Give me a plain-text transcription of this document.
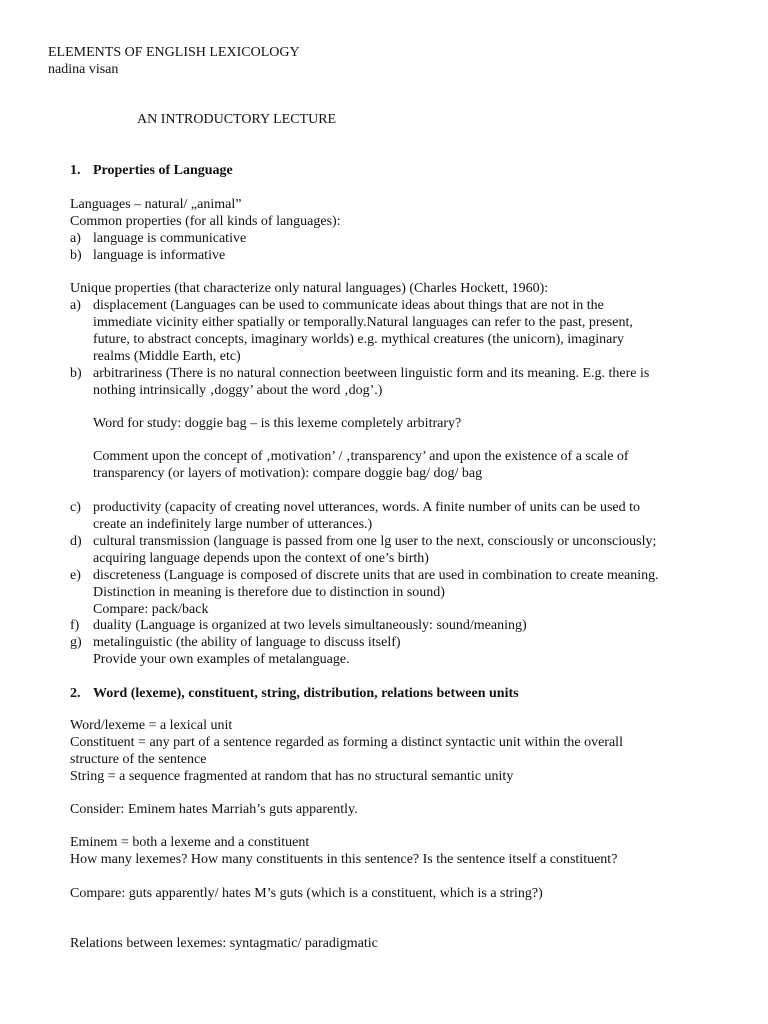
ELEMENTS OF ENGLISH LEXICOLOGY
nadina visan
AN INTRODUCTORY LECTURE
1. Properties of Language
Languages – natural/ „animal”
Common properties (for all kinds of languages):
a) language is communicative
b) language is informative
Unique properties (that characterize only natural languages) (Charles Hockett, 1960):
a) displacement (Languages can be used to communicate ideas about things that are not in the
immediate vicinity either spatially or temporally.Natural languages can refer to the past, present,
future, to abstract concepts, imaginary worlds) e.g. mythical creatures (the unicorn), imaginary
realms (Middle Earth, etc)
b) arbitrariness (There is no natural connection beetween linguistic form and its meaning. E.g. there is
nothing intrinsically ‚doggy’ about the word ‚dog’.)
Word for study: doggie bag – is this lexeme completely arbitrary?
Comment upon the concept of ‚motivation’ / ‚transparency’ and upon the existence of a scale of
transparency (or layers of motivation): compare doggie bag/ dog/ bag
c) productivity (capacity of creating novel utterances, words. A finite number of units can be used to
create an indefinitely large number of utterances.)
d) cultural transmission (language is passed from one lg user to the next, consciously or unconsciously;
acquiring language depends upon the context of one’s birth)
e) discreteness (Language is composed of discrete units that are used in combination to create meaning.
Distinction in meaning is therefore due to distinction in sound)
Compare: pack/back
f) duality (Language is organized at two levels simultaneously: sound/meaning)
g) metalinguistic (the ability of language to discuss itself)
Provide your own examples of metalanguage.
2. Word (lexeme), constituent, string, distribution, relations between units
Word/lexeme = a lexical unit
Constituent = any part of a sentence regarded as forming a distinct syntactic unit within the overall
structure of the sentence
String = a sequence fragmented at random that has no structural semantic unity
Consider: Eminem hates Marriah’s guts apparently.
Eminem = both a lexeme and a constituent
How many lexemes? How many constituents in this sentence? Is the sentence itself a constituent?
Compare: guts apparently/ hates M’s guts (which is a constituent, which is a string?)
Relations between lexemes: syntagmatic/ paradigmatic
